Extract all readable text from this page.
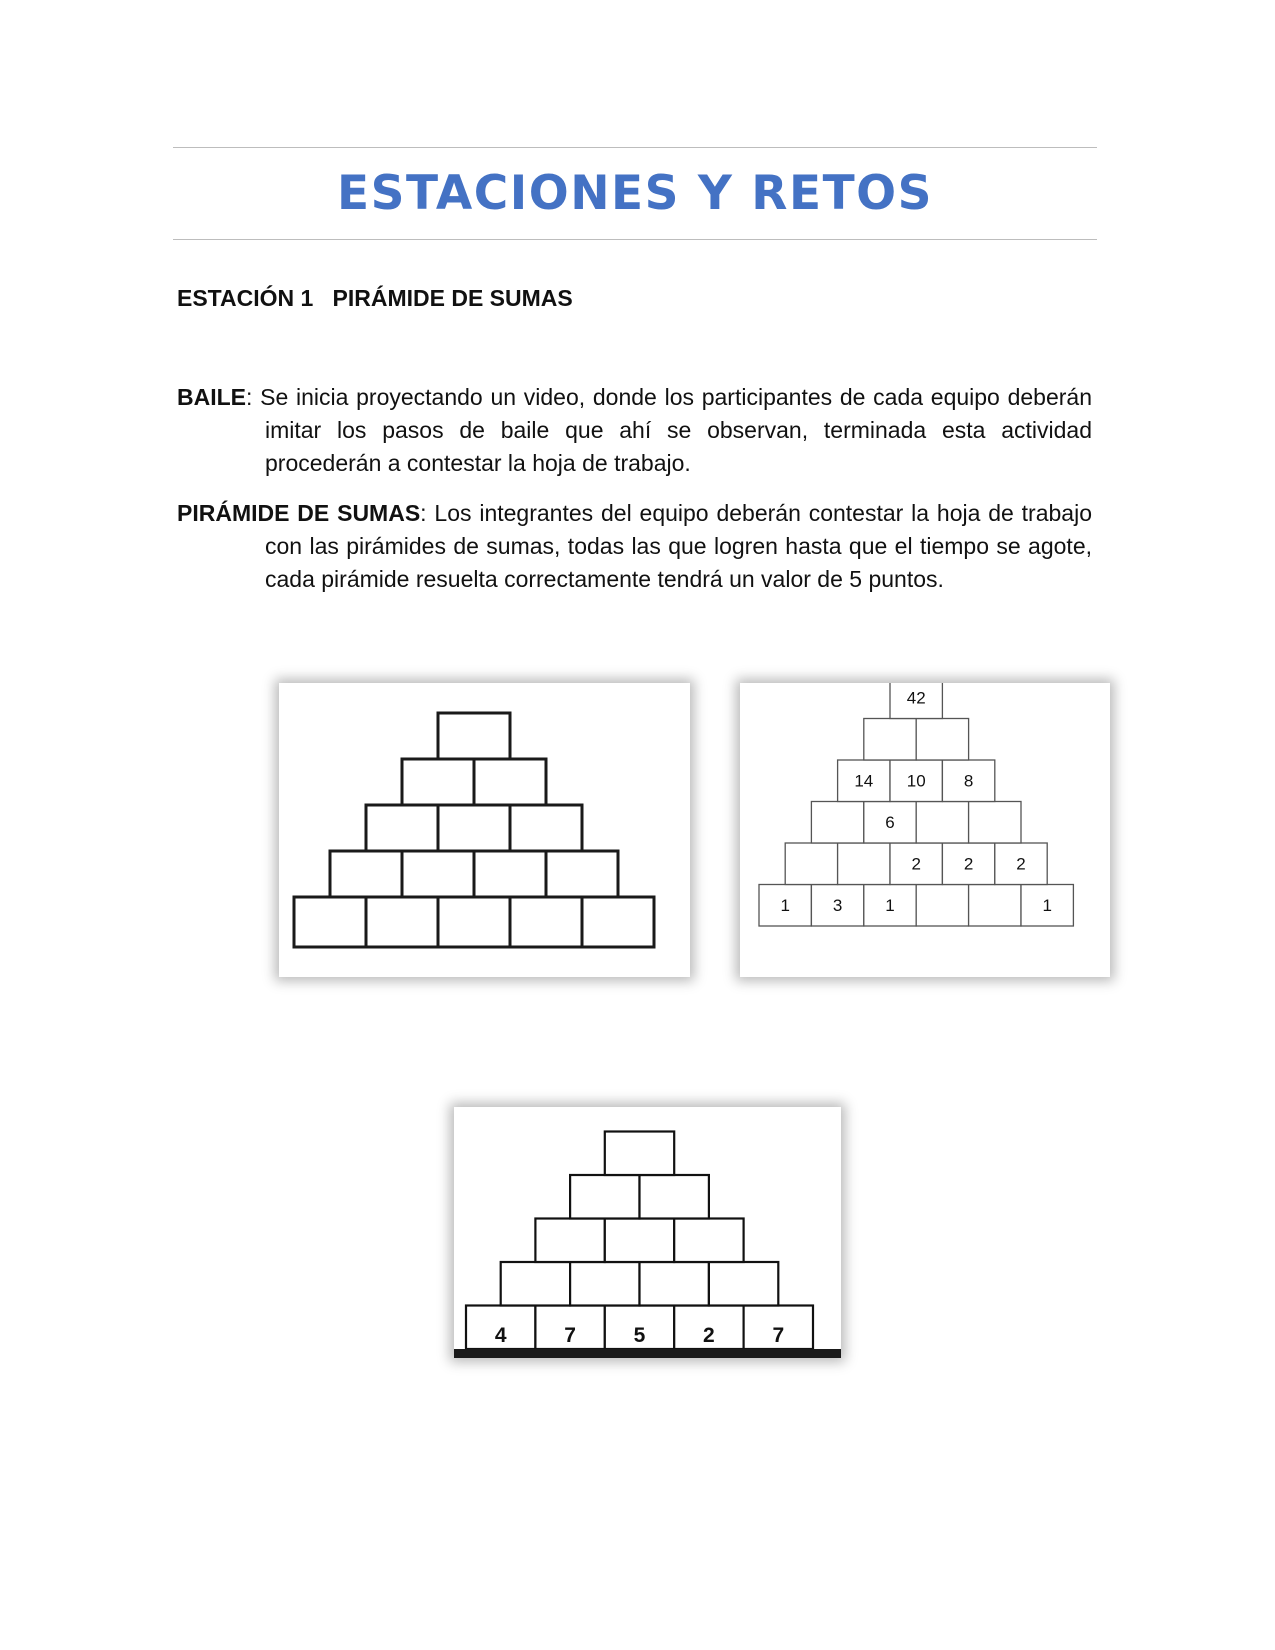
ESTACIONES Y RETOS

ESTACIÓN 1 PIRÁMIDE DE SUMAS

BAILE: Se inicia proyectando un video, donde los participantes de cada equipo deberán imitar los pasos de baile que ahí se observan, terminada esta actividad procederán a contestar la hoja de trabajo.

PIRÁMIDE DE SUMAS: Los integrantes del equipo deberán contestar la hoja de trabajo con las pirámides de sumas, todas las que logren hasta que el tiempo se agote, cada pirámide resuelta correctamente tendrá un valor de 5 puntos.

1	3	1	1
2	2	2
6
14 10 8
42
4	7	5	2	7
